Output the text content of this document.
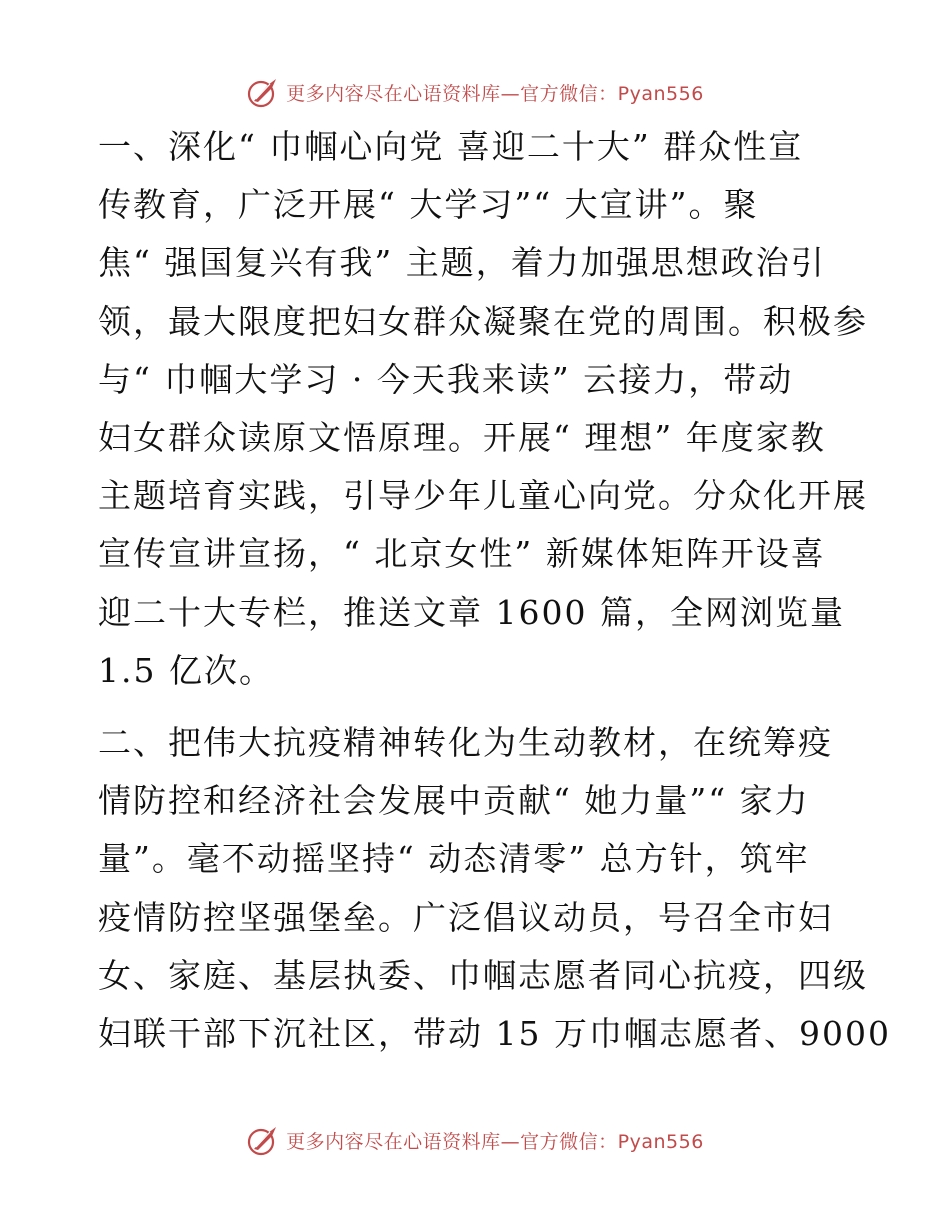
更多内容尽在心语资料库—官方微信：Pyan556

一、深化“ 巾帼心向党 喜迎二十大” 群众性宣
传教育，广泛开展“ 大学习”“ 大宣讲”。聚
焦“ 强国复兴有我” 主题，着力加强思想政治引
领，最大限度把妇女群众凝聚在党的周围。积极参
与“ 巾帼大学习 · 今天我来读” 云接力，带动
妇女群众读原文悟原理。开展“ 理想” 年度家教
主题培育实践，引导少年儿童心向党。分众化开展
宣传宣讲宣扬，“ 北京女性” 新媒体矩阵开设喜
迎二十大专栏，推送文章 1600 篇，全网浏览量
1.5 亿次。

二、把伟大抗疫精神转化为生动教材，在统筹疫
情防控和经济社会发展中贡献“ 她力量”“ 家力
量”。毫不动摇坚持“ 动态清零” 总方针，筑牢
疫情防控坚强堡垒。广泛倡议动员，号召全市妇
女、家庭、基层执委、巾帼志愿者同心抗疫，四级
妇联干部下沉社区，带动 15 万巾帼志愿者、9000

更多内容尽在心语资料库—官方微信：Pyan556
